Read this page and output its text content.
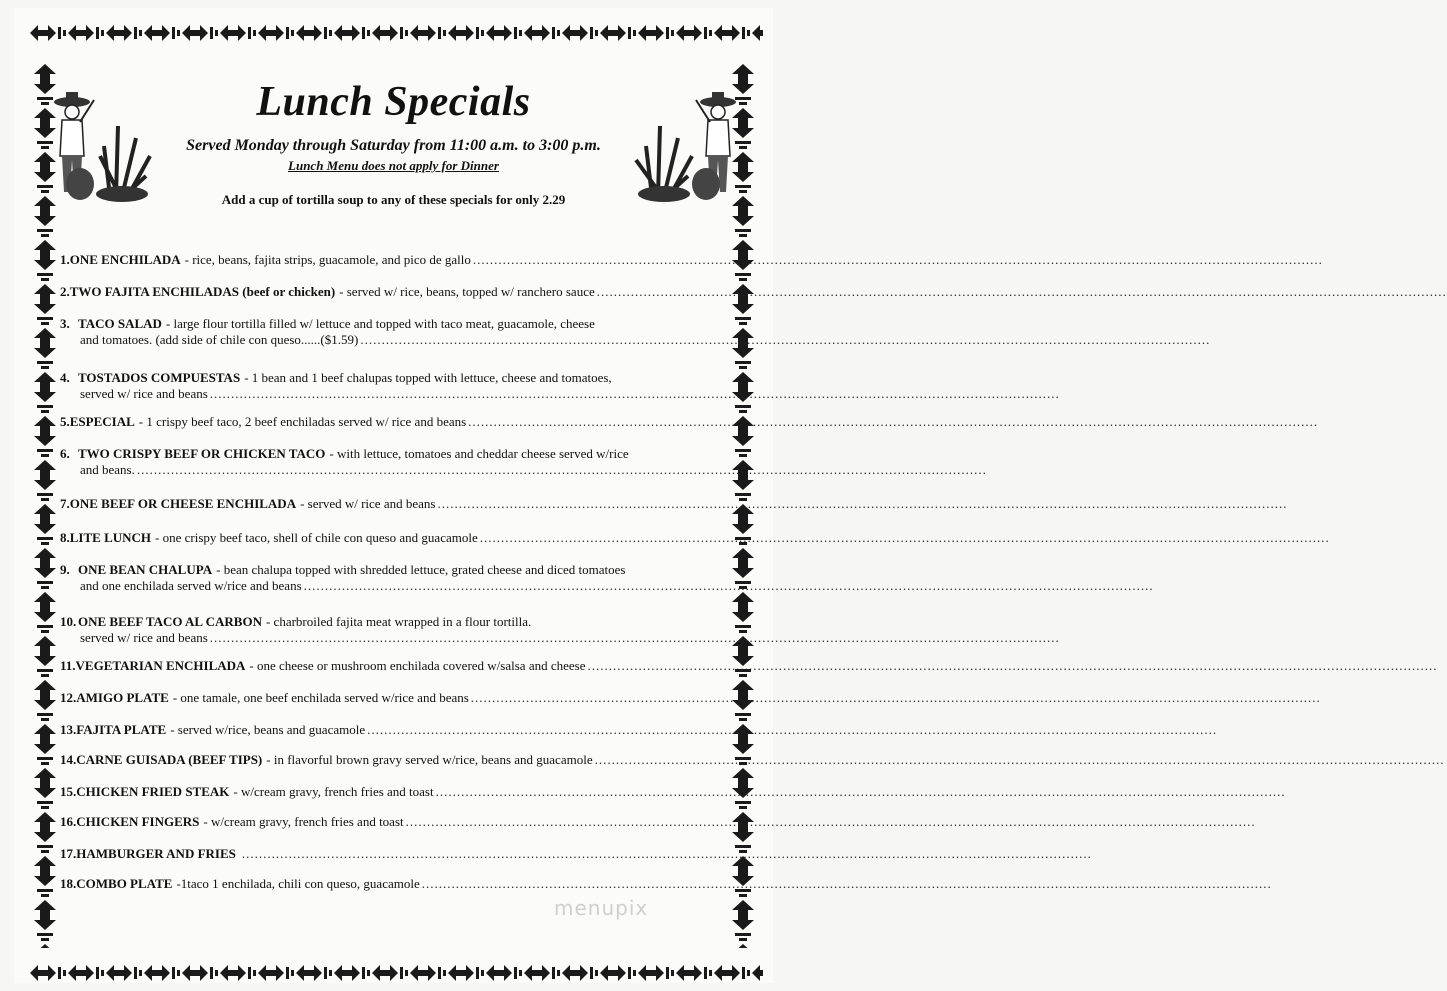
Lunch Specials
Served Monday through Saturday from 11:00 a.m. to 3:00 p.m.
Lunch Menu does not apply for Dinner
Add a cup of tortilla soup to any of these specials for only 2.29
1. ONE ENCHILADA - rice, beans, fajita strips, guacamole, and pico de gallo ........................................................................................................................................................................................................
2. TWO FAJITA ENCHILADAS (beef or chicken) - served w/ rice, beans, topped w/ ranchero sauce ........................................................................................................................................................................................................
3. TACO SALAD - large flour tortilla filled w/ lettuce and topped with taco meat, guacamole, cheese
and tomatoes. (add side of chile con queso......($1.59) ........................................................................................................................................................................................................
4. TOSTADOS COMPUESTAS - 1 bean and 1 beef chalupas topped with lettuce, cheese and tomatoes,
served w/ rice and beans ........................................................................................................................................................................................................
5. ESPECIAL - 1 crispy beef taco, 2 beef enchiladas served w/ rice and beans ........................................................................................................................................................................................................
6. TWO CRISPY BEEF OR CHICKEN TACO - with lettuce, tomatoes and cheddar cheese served w/rice
and beans. ........................................................................................................................................................................................................
7. ONE BEEF OR CHEESE ENCHILADA - served w/ rice and beans ........................................................................................................................................................................................................
8. LITE LUNCH - one crispy beef taco, shell of chile con queso and guacamole ........................................................................................................................................................................................................
9. ONE BEAN CHALUPA - bean chalupa topped with shredded lettuce, grated cheese and diced tomatoes
and one enchilada served w/rice and beans ........................................................................................................................................................................................................
10. ONE BEEF TACO AL CARBON - charbroiled fajita meat wrapped in a flour tortilla.
served w/ rice and beans ........................................................................................................................................................................................................
11. VEGETARIAN ENCHILADA - one cheese or mushroom enchilada covered w/salsa and cheese ........................................................................................................................................................................................................
12. AMIGO PLATE - one tamale, one beef enchilada served w/rice and beans ........................................................................................................................................................................................................
13. FAJITA PLATE - served w/rice, beans and guacamole ........................................................................................................................................................................................................
14. CARNE GUISADA (BEEF TIPS) - in flavorful brown gravy served w/rice, beans and guacamole ........................................................................................................................................................................................................
15. CHICKEN FRIED STEAK - w/cream gravy, french fries and toast ........................................................................................................................................................................................................
16. CHICKEN FINGERS - w/cream gravy, french fries and toast ........................................................................................................................................................................................................
17. HAMBURGER AND FRIES ........................................................................................................................................................................................................
18. COMBO PLATE -1taco 1 enchilada, chili con queso, guacamole ........................................................................................................................................................................................................
menupix
